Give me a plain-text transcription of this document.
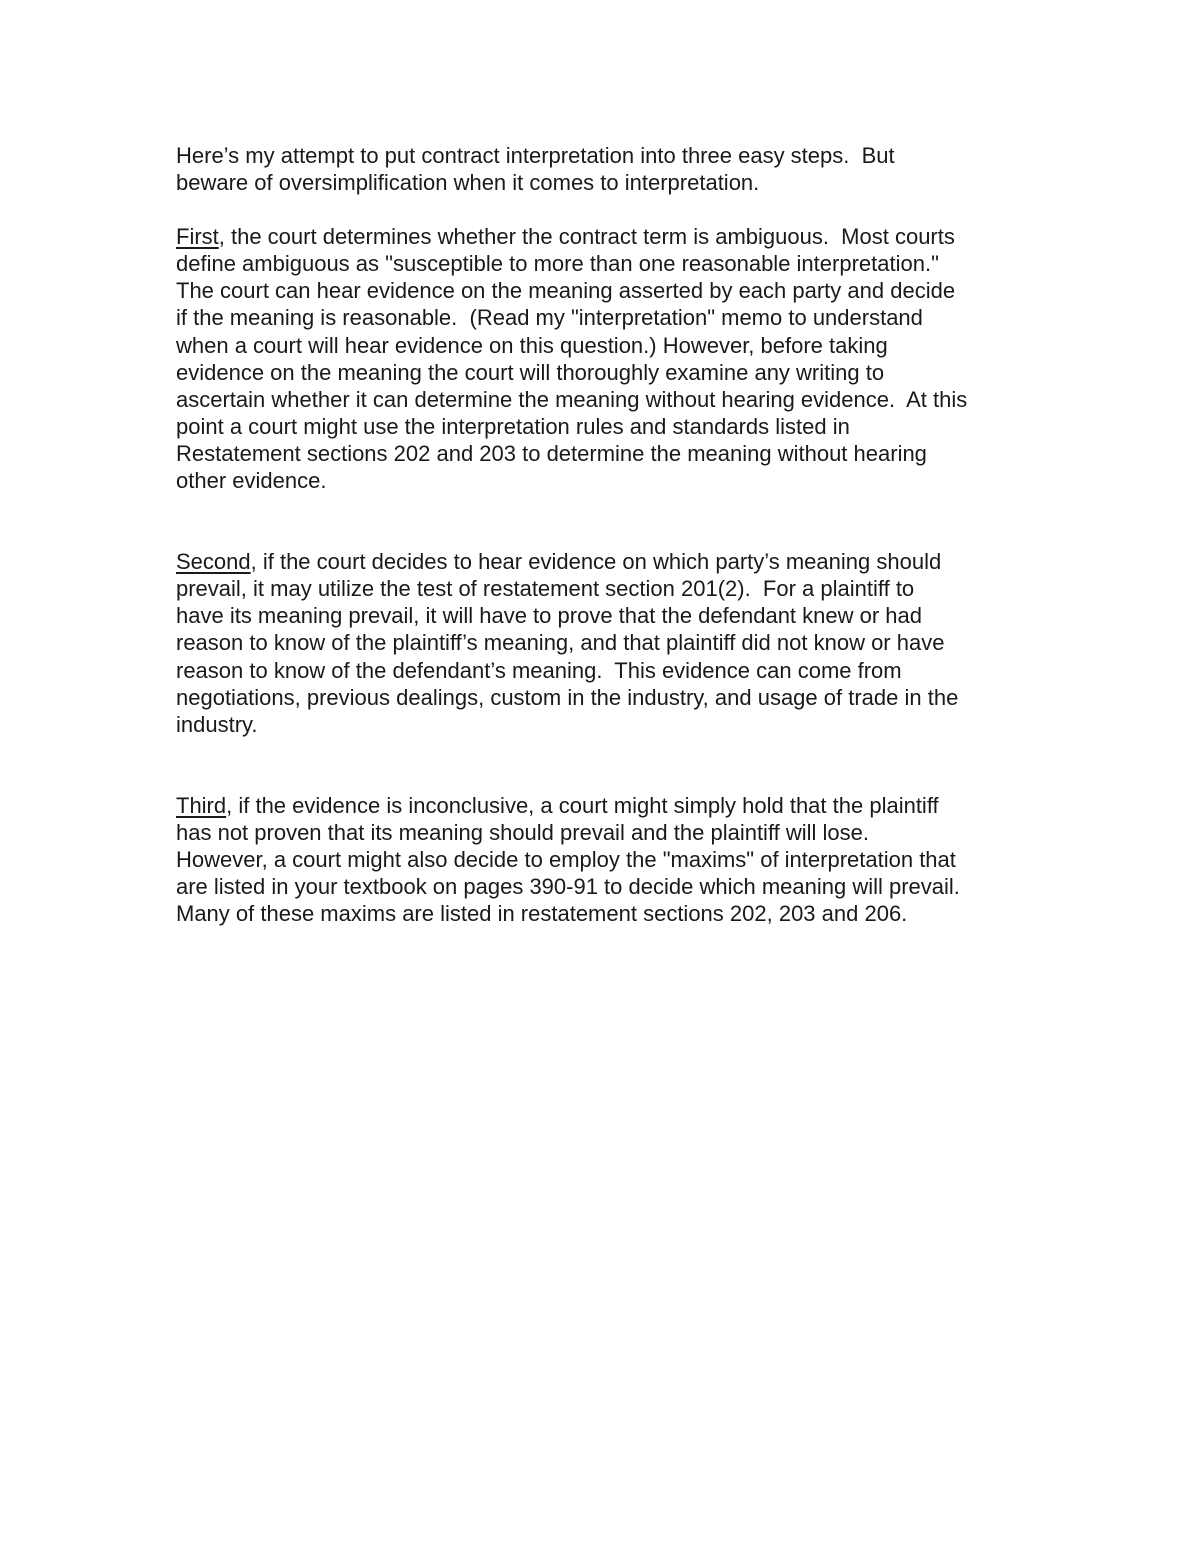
Here’s my attempt to put contract interpretation into three easy steps.  But
beware of oversimplification when it comes to interpretation.
First, the court determines whether the contract term is ambiguous.  Most courts
define ambiguous as "susceptible to more than one reasonable interpretation."
The court can hear evidence on the meaning asserted by each party and decide
if the meaning is reasonable.  (Read my "interpretation" memo to understand
when a court will hear evidence on this question.) However, before taking
evidence on the meaning the court will thoroughly examine any writing to
ascertain whether it can determine the meaning without hearing evidence.  At this
point a court might use the interpretation rules and standards listed in
Restatement sections 202 and 203 to determine the meaning without hearing
other evidence.
Second, if the court decides to hear evidence on which party’s meaning should
prevail, it may utilize the test of restatement section 201(2).  For a plaintiff to
have its meaning prevail, it will have to prove that the defendant knew or had
reason to know of the plaintiff’s meaning, and that plaintiff did not know or have
reason to know of the defendant’s meaning.  This evidence can come from
negotiations, previous dealings, custom in the industry, and usage of trade in the
industry.
Third, if the evidence is inconclusive, a court might simply hold that the plaintiff
has not proven that its meaning should prevail and the plaintiff will lose.
However, a court might also decide to employ the "maxims" of interpretation that
are listed in your textbook on pages 390-91 to decide which meaning will prevail.
Many of these maxims are listed in restatement sections 202, 203 and 206.
